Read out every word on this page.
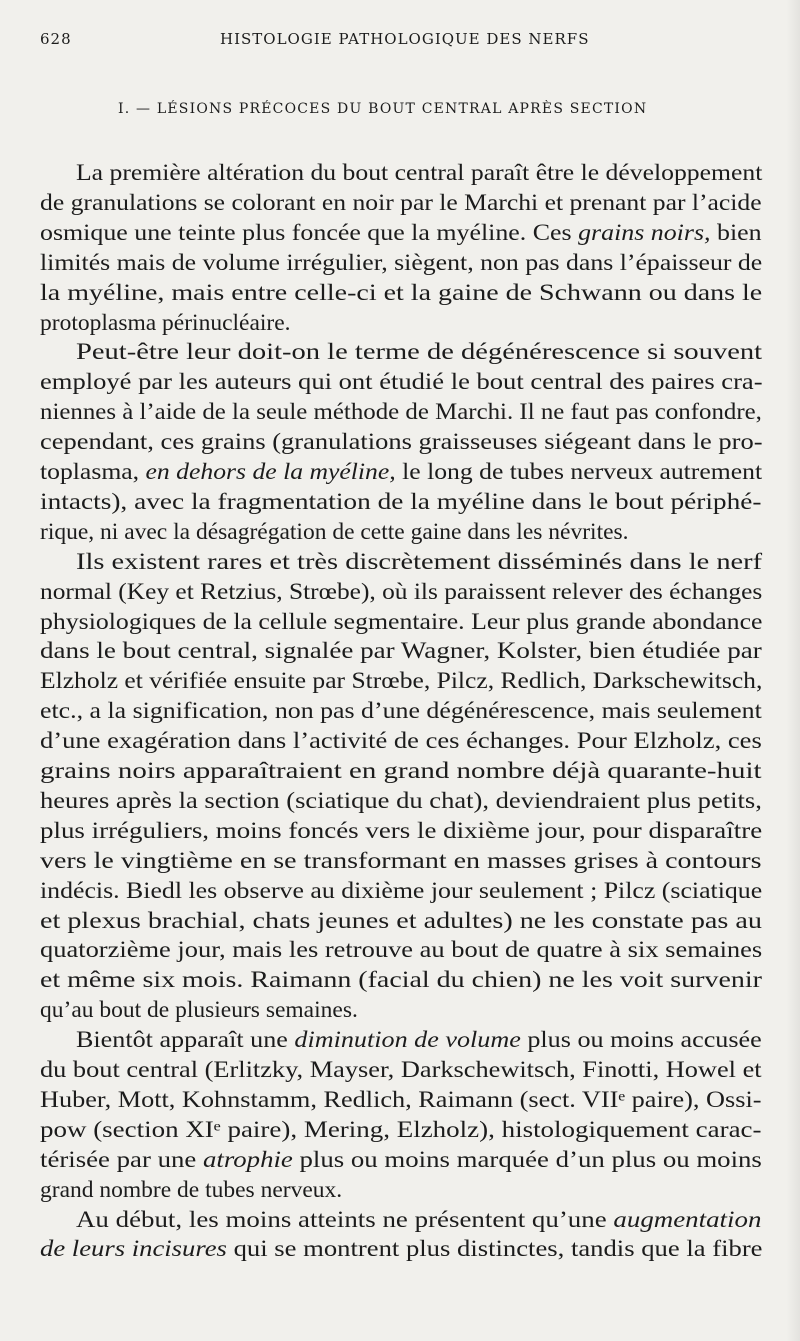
628	HISTOLOGIE PATHOLOGIQUE DES NERFS
I. — LÉSIONS PRÉCOCES DU BOUT CENTRAL APRÈS SECTION
La première altération du bout central paraît être le développement
de granulations se colorant en noir par le Marchi et prenant par l’acide
osmique une teinte plus foncée que la myéline. Ces grains noirs, bien
limités mais de volume irrégulier, siègent, non pas dans l’épaisseur de
la myéline, mais entre celle-ci et la gaine de Schwann ou dans le
protoplasma périnucléaire.
Peut-être leur doit-on le terme de dégénérescence si souvent
employé par les auteurs qui ont étudié le bout central des paires cra-
niennes à l’aide de la seule méthode de Marchi. Il ne faut pas confondre,
cependant, ces grains (granulations graisseuses siégeant dans le pro-
toplasma, en dehors de la myéline, le long de tubes nerveux autrement
intacts), avec la fragmentation de la myéline dans le bout périphé-
rique, ni avec la désagrégation de cette gaine dans les névrites.
Ils existent rares et très discrètement disséminés dans le nerf
normal (Key et Retzius, Strœbe), où ils paraissent relever des échanges
physiologiques de la cellule segmentaire. Leur plus grande abondance
dans le bout central, signalée par Wagner, Kolster, bien étudiée par
Elzholz et vérifiée ensuite par Strœbe, Pilcz, Redlich, Darkschewitsch,
etc., a la signification, non pas d’une dégénérescence, mais seulement
d’une exagération dans l’activité de ces échanges. Pour Elzholz, ces
grains noirs apparaîtraient en grand nombre déjà quarante-huit
heures après la section (sciatique du chat), deviendraient plus petits,
plus irréguliers, moins foncés vers le dixième jour, pour disparaître
vers le vingtième en se transformant en masses grises à contours
indécis. Biedl les observe au dixième jour seulement ; Pilcz (sciatique
et plexus brachial, chats jeunes et adultes) ne les constate pas au
quatorzième jour, mais les retrouve au bout de quatre à six semaines
et même six mois. Raimann (facial du chien) ne les voit survenir
qu’au bout de plusieurs semaines.
Bientôt apparaît une diminution de volume plus ou moins accusée
du bout central (Erlitzky, Mayser, Darkschewitsch, Finotti, Howel et
Huber, Mott, Kohnstamm, Redlich, Raimann (sect. VIIᵉ paire), Ossi-
pow (section XIᵉ paire), Mering, Elzholz), histologiquement carac-
térisée par une atrophie plus ou moins marquée d’un plus ou moins
grand nombre de tubes nerveux.
Au début, les moins atteints ne présentent qu’une augmentation
de leurs incisures qui se montrent plus distinctes, tandis que la fibre
